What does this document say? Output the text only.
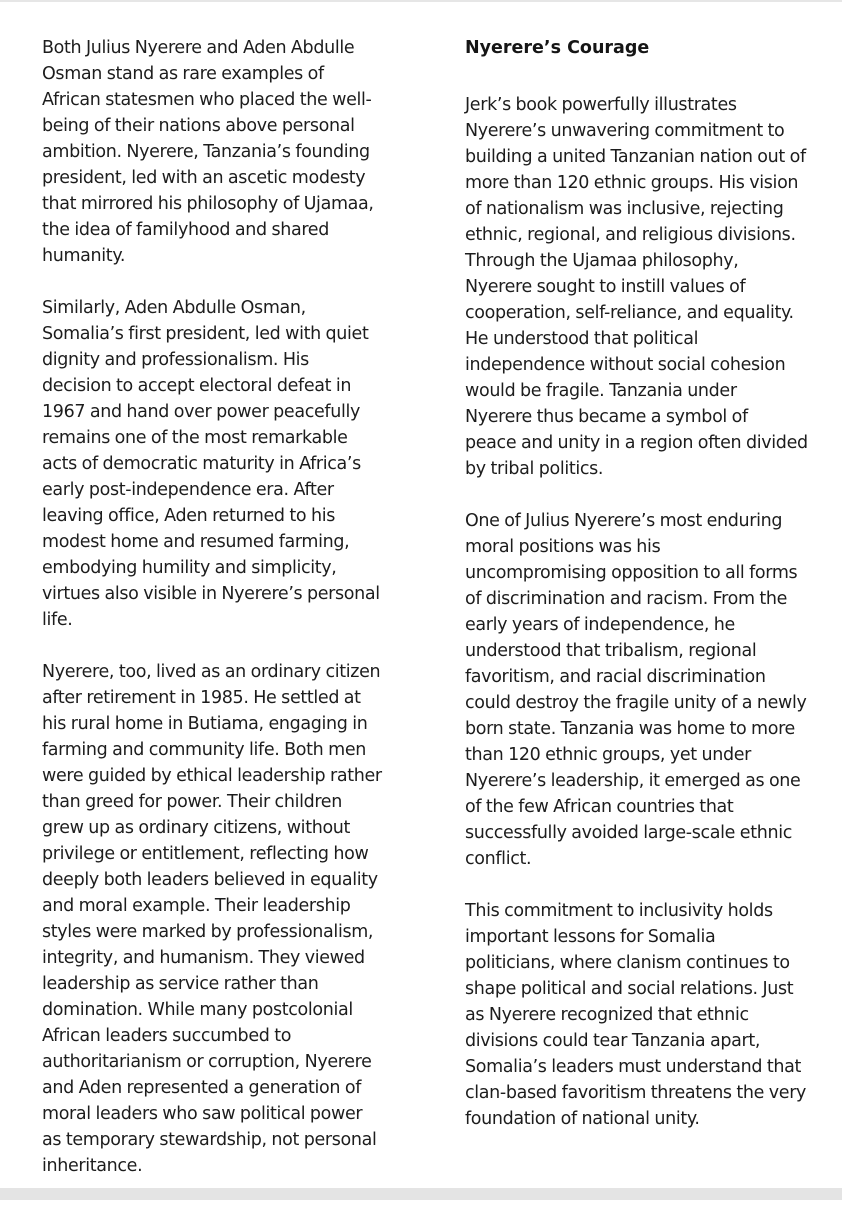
Both Julius Nyerere and Aden Abdulle
Osman stand as rare examples of
African statesmen who placed the well-
being of their nations above personal
ambition. Nyerere, Tanzania’s founding
president, led with an ascetic modesty
that mirrored his philosophy of Ujamaa,
the idea of familyhood and shared
humanity.

Similarly, Aden Abdulle Osman,
Somalia’s first president, led with quiet
dignity and professionalism. His
decision to accept electoral defeat in
1967 and hand over power peacefully
remains one of the most remarkable
acts of democratic maturity in Africa’s
early post-independence era. After
leaving office, Aden returned to his
modest home and resumed farming,
embodying humility and simplicity,
virtues also visible in Nyerere’s personal
life.

Nyerere, too, lived as an ordinary citizen
after retirement in 1985. He settled at
his rural home in Butiama, engaging in
farming and community life. Both men
were guided by ethical leadership rather
than greed for power. Their children
grew up as ordinary citizens, without
privilege or entitlement, reflecting how
deeply both leaders believed in equality
and moral example. Their leadership
styles were marked by professionalism,
integrity, and humanism. They viewed
leadership as service rather than
domination. While many postcolonial
African leaders succumbed to
authoritarianism or corruption, Nyerere
and Aden represented a generation of
moral leaders who saw political power
as temporary stewardship, not personal
inheritance.

Nyerere’s Courage

Jerk’s book powerfully illustrates
Nyerere’s unwavering commitment to
building a united Tanzanian nation out of
more than 120 ethnic groups. His vision
of nationalism was inclusive, rejecting
ethnic, regional, and religious divisions.
Through the Ujamaa philosophy,
Nyerere sought to instill values of
cooperation, self-reliance, and equality.
He understood that political
independence without social cohesion
would be fragile. Tanzania under
Nyerere thus became a symbol of
peace and unity in a region often divided
by tribal politics.

One of Julius Nyerere’s most enduring
moral positions was his
uncompromising opposition to all forms
of discrimination and racism. From the
early years of independence, he
understood that tribalism, regional
favoritism, and racial discrimination
could destroy the fragile unity of a newly
born state. Tanzania was home to more
than 120 ethnic groups, yet under
Nyerere’s leadership, it emerged as one
of the few African countries that
successfully avoided large-scale ethnic
conflict.

This commitment to inclusivity holds
important lessons for Somalia
politicians, where clanism continues to
shape political and social relations. Just
as Nyerere recognized that ethnic
divisions could tear Tanzania apart,
Somalia’s leaders must understand that
clan-based favoritism threatens the very
foundation of national unity.
